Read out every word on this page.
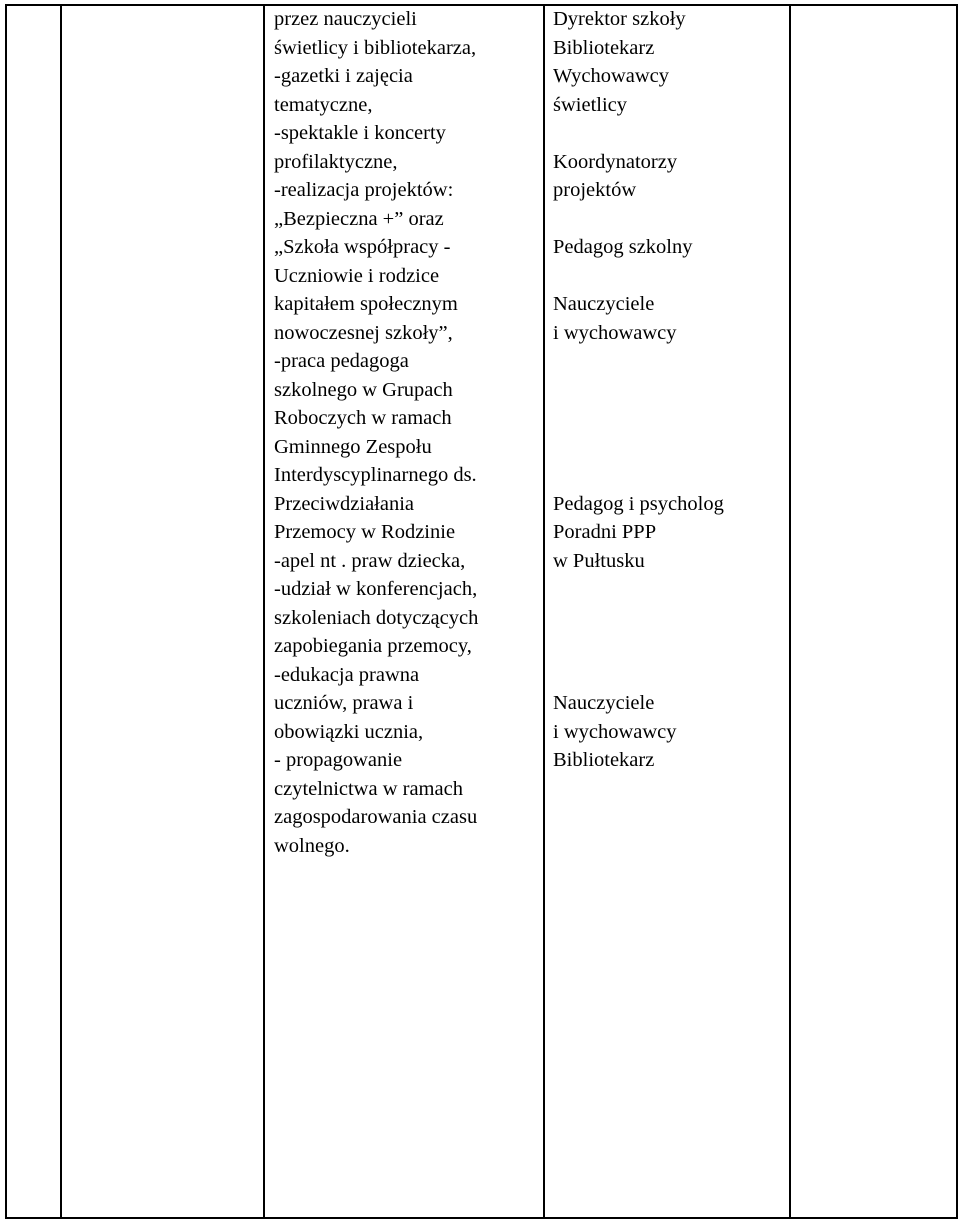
przez nauczycieli
świetlicy i bibliotekarza,
-gazetki i zajęcia
tematyczne,
-spektakle i koncerty
profilaktyczne,
-realizacja projektów:
„Bezpieczna +” oraz
„Szkoła współpracy -
Uczniowie i rodzice
kapitałem społecznym
nowoczesnej szkoły”,
-praca pedagoga
szkolnego w Grupach
Roboczych w ramach
Gminnego Zespołu
Interdyscyplinarnego ds.
Przeciwdziałania
Przemocy w Rodzinie
-apel nt . praw dziecka,
-udział w konferencjach,
szkoleniach dotyczących
zapobiegania przemocy,
-edukacja prawna
uczniów, prawa i
obowiązki ucznia,
- propagowanie
czytelnictwa w ramach
zagospodarowania czasu
wolnego.
Dyrektor szkoły
Bibliotekarz
Wychowawcy
świetlicy
Koordynatorzy
projektów
Pedagog szkolny
Nauczyciele
i wychowawcy
Pedagog i psycholog
Poradni PPP
w Pułtusku
Nauczyciele
i wychowawcy
Bibliotekarz
